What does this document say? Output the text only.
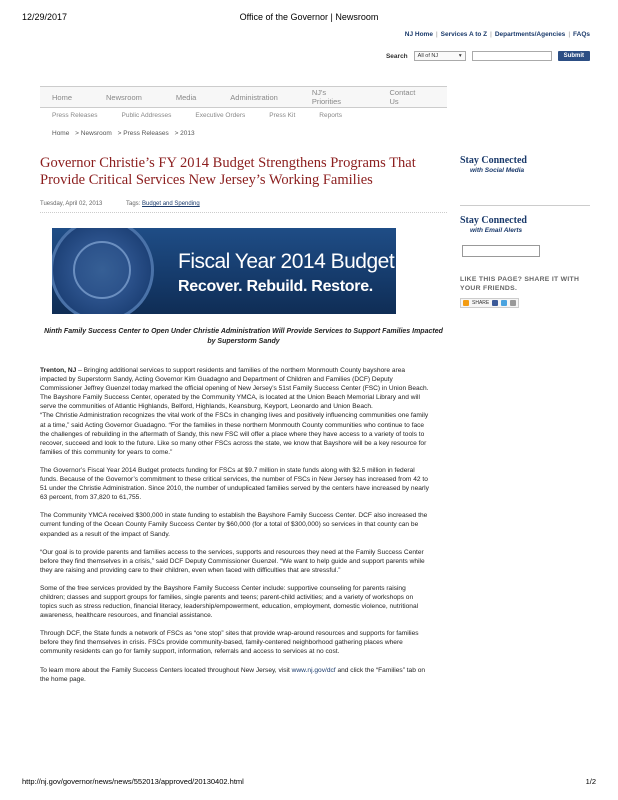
12/29/2017	Office of the Governor | Newsroom
NJ Home | Services A to Z | Departments/Agencies | FAQs
Search All of NJ	▾	Submit
Home	Newsroom	Media	Administration	NJ's Priorities
Contact Us
Press Releases	Public Addresses	Executive Orders	Press Kit	Reports
Home > Newsroom > Press Releases > 2013
Governor Christie’s FY 2014 Budget Strengthens Programs That Provide Critical Services New Jersey’s Working Families
Tuesday, April 02, 2013	Tags: Budget and Spending
Fiscal Year 2014 Budget
Recover. Rebuild. Restore.
Ninth Family Success Center to Open Under Christie Administration Will Provide Services to Support Families Impacted by Superstorm Sandy

Trenton, NJ – Bringing additional services to support residents and families of the northern Monmouth County bayshore area impacted by Superstorm Sandy, Acting Governor Kim Guadagno and Department of Children and Families (DCF) Deputy Commissioner Jeffrey Guenzel today marked the official opening of New Jersey’s 51st Family Success Center (FSC) in Union Beach. The Bayshore Family Success Center, operated by the Community YMCA, is located at the Union Beach Memorial Library and will serve the communities of Atlantic Highlands, Belford, Highlands, Keansburg, Keyport, Leonardo and Union Beach.

“The Christie Administration recognizes the vital work of the FSCs in changing lives and positively influencing communities one family at a time,” said Acting Governor Guadagno. “For the families in these northern Monmouth County communities who continue to face the challenges of rebuilding in the aftermath of Sandy, this new FSC will offer a place where they have access to a variety of tools to recover, succeed and look to the future. Like so many other FSCs across the state, we know that Bayshore will be a key resource for families of this community for years to come.”

The Governor’s Fiscal Year 2014 Budget protects funding for FSCs at $9.7 million in state funds along with $2.5 million in federal funds. Because of the Governor’s commitment to these critical services, the number of FSCs in New Jersey has increased from 42 to 51 under the Christie Administration. Since 2010, the number of unduplicated families served by the centers have increased by nearly 63 percent, from 37,820 to 61,755.

The Community YMCA received $300,000 in state funding to establish the Bayshore Family Success Center. DCF also increased the current funding of the Ocean County Family Success Center by $60,000 (for a total of $300,000) so services in that county can be expanded as a result of the impact of Sandy.

“Our goal is to provide parents and families access to the services, supports and resources they need at the Family Success Center before they find themselves in a crisis,” said DCF Deputy Commissioner Guenzel. “We want to help guide and support parents while they are raising and providing care to their children, even when faced with difficulties that are stressful.”

Some of the free services provided by the Bayshore Family Success Center include: supportive counseling for parents raising children; classes and support groups for families, single parents and teens; parent-child activities; and a variety of workshops on topics such as stress reduction, financial literacy, leadership/empowerment, education, employment, domestic violence, nutritional awareness, healthcare resources, and financial assistance.

Through DCF, the State funds a network of FSCs as “one stop” sites that provide wrap-around resources and supports for families before they find themselves in crisis. FSCs provide community-based, family-centered neighborhood gathering places where community residents can go for family support, information, referrals and access to services at no cost.

To learn more about the Family Success Centers located throughout New Jersey, visit www.nj.gov/dcf and click the “Families” tab on the home page.

Stay Connected
with Social Media
Stay Connected
with Email Alerts
LIKE THIS PAGE? SHARE IT WITH YOUR FRIENDS.
SHARE
http://nj.gov/governor/news/news/552013/approved/20130402.html	1/2
